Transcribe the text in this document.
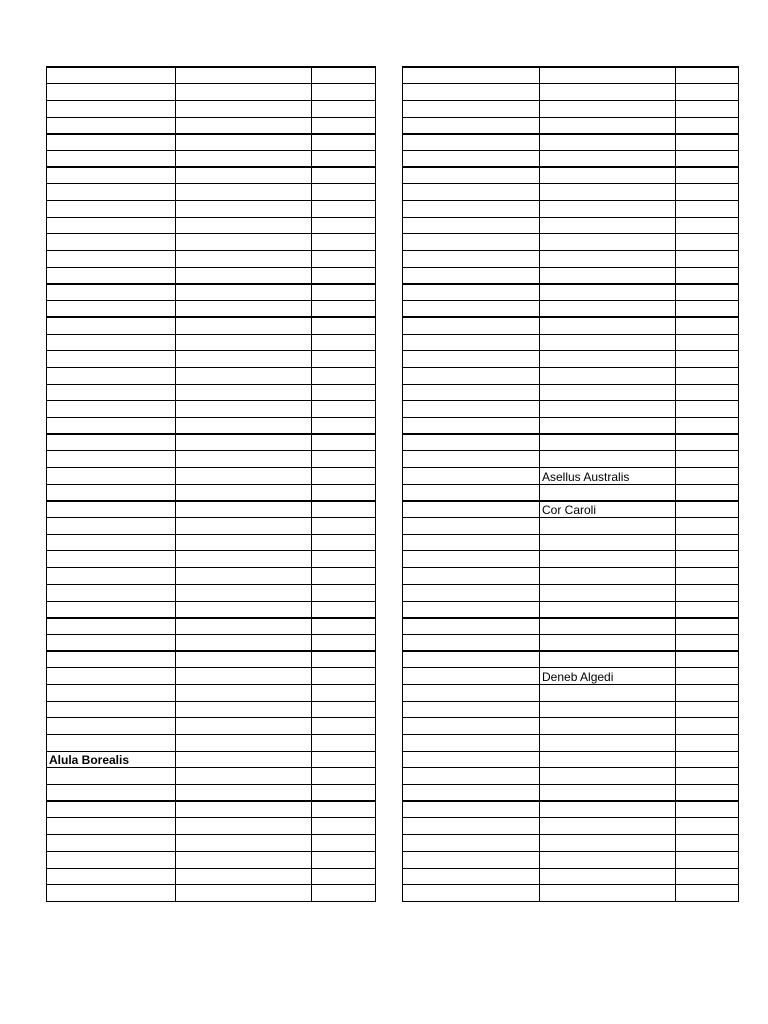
Alula Borealis		

	Asellus Australis	

	Cor Caroli	

	Deneb Algedi	
